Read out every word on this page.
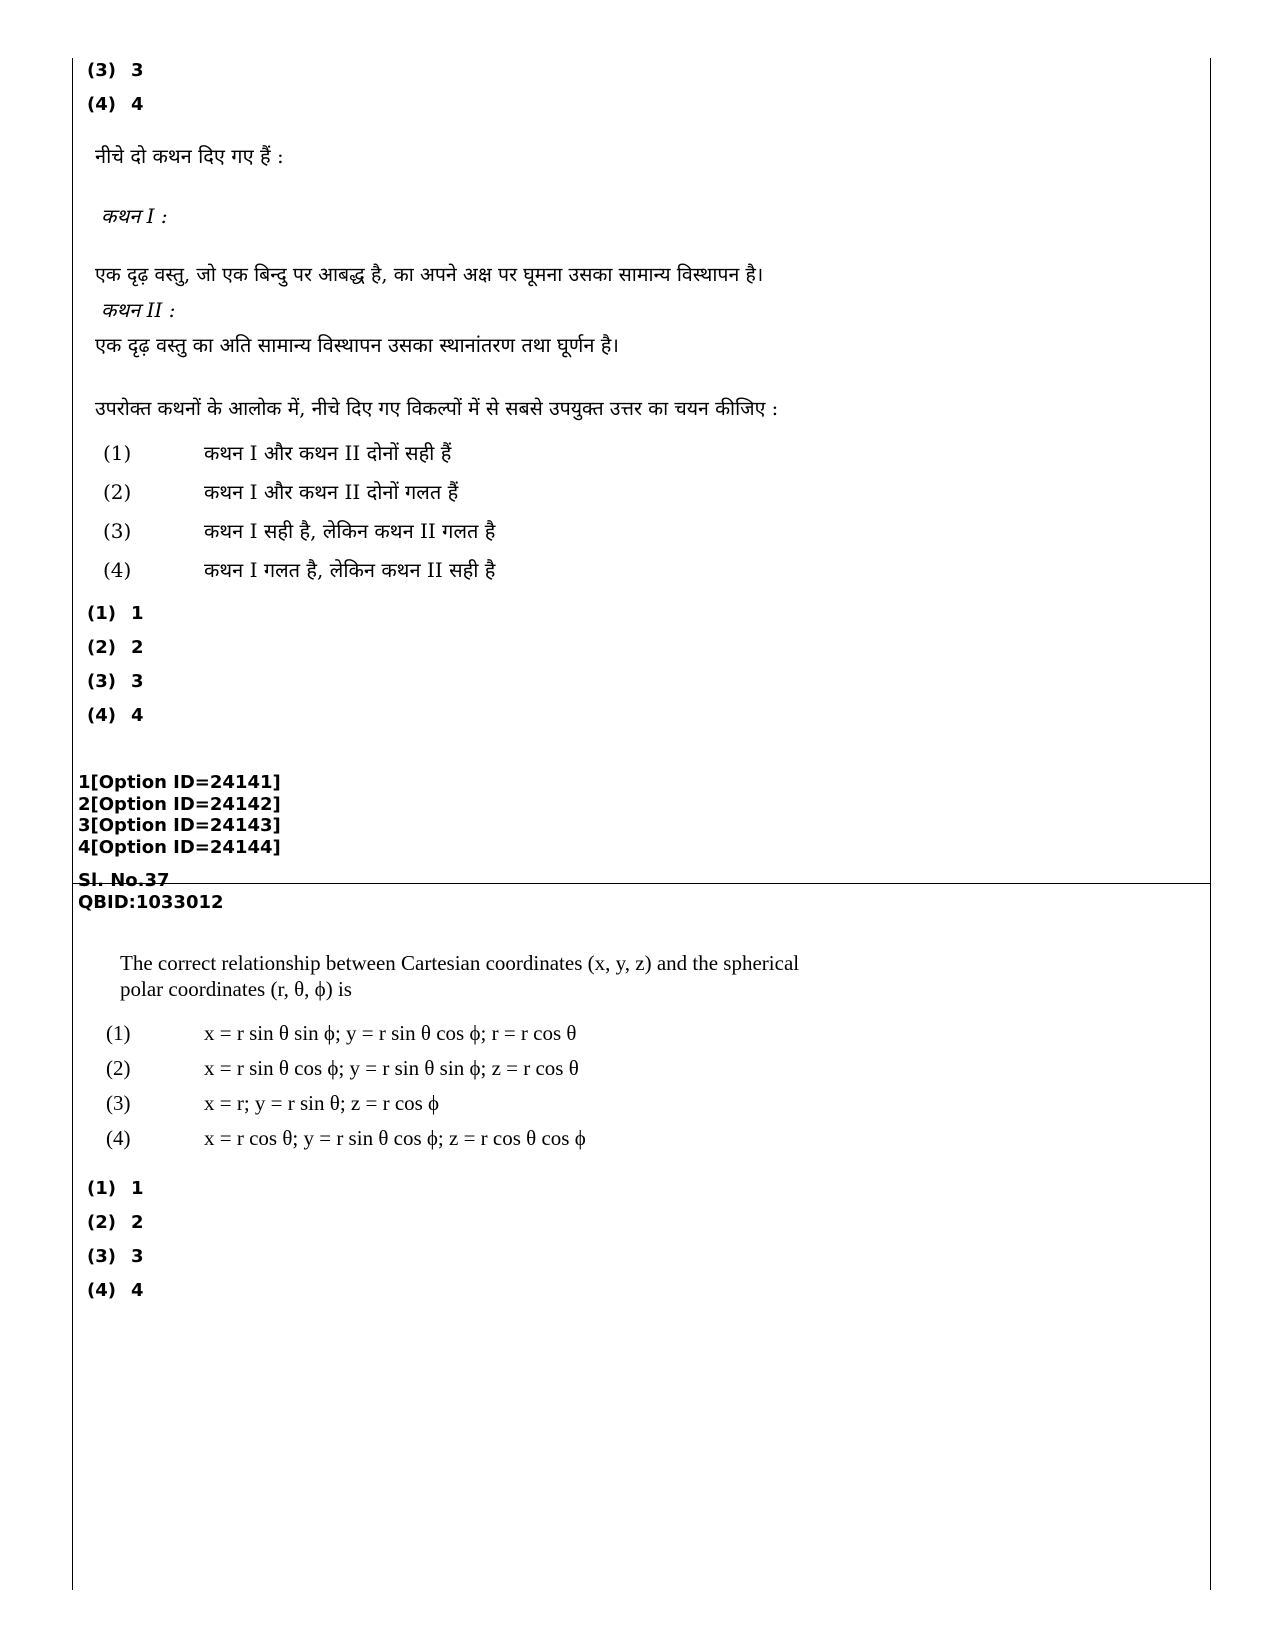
(3) 3
(4) 4
नीचे दो कथन दिए गए हैं :
कथन I :
एक दृढ़ वस्तु, जो एक बिन्दु पर आबद्ध है, का अपने अक्ष पर घूमना उसका सामान्य विस्थापन है।
कथन II :
एक दृढ़ वस्तु का अति सामान्य विस्थापन उसका स्थानांतरण तथा घूर्णन है।
उपरोक्त कथनों के आलोक में, नीचे दिए गए विकल्पों में से सबसे उपयुक्त उत्तर का चयन कीजिए :
(1)	कथन I और कथन II दोनों सही हैं
(2)	कथन I और कथन II दोनों गलत हैं
(3)	कथन I सही है, लेकिन कथन II गलत है
(4)	कथन I गलत है, लेकिन कथन II सही है
(1) 1
(2) 2
(3) 3
(4) 4
1[Option ID=24141]
2[Option ID=24142]
3[Option ID=24143]
4[Option ID=24144]
Sl. No.37
QBID:1033012
The correct relationship between Cartesian coordinates (x, y, z) and the spherical
polar coordinates (r, θ, ϕ) is
(1)	x = r sin θ sin ϕ; y = r sin θ cos ϕ; r = r cos θ
(2)	x = r sin θ cos ϕ; y = r sin θ sin ϕ; z = r cos θ
(3)	x = r; y = r sin θ; z = r cos ϕ
(4)	x = r cos θ; y = r sin θ cos ϕ; z = r cos θ cos ϕ
(1) 1
(2) 2
(3) 3
(4) 4
